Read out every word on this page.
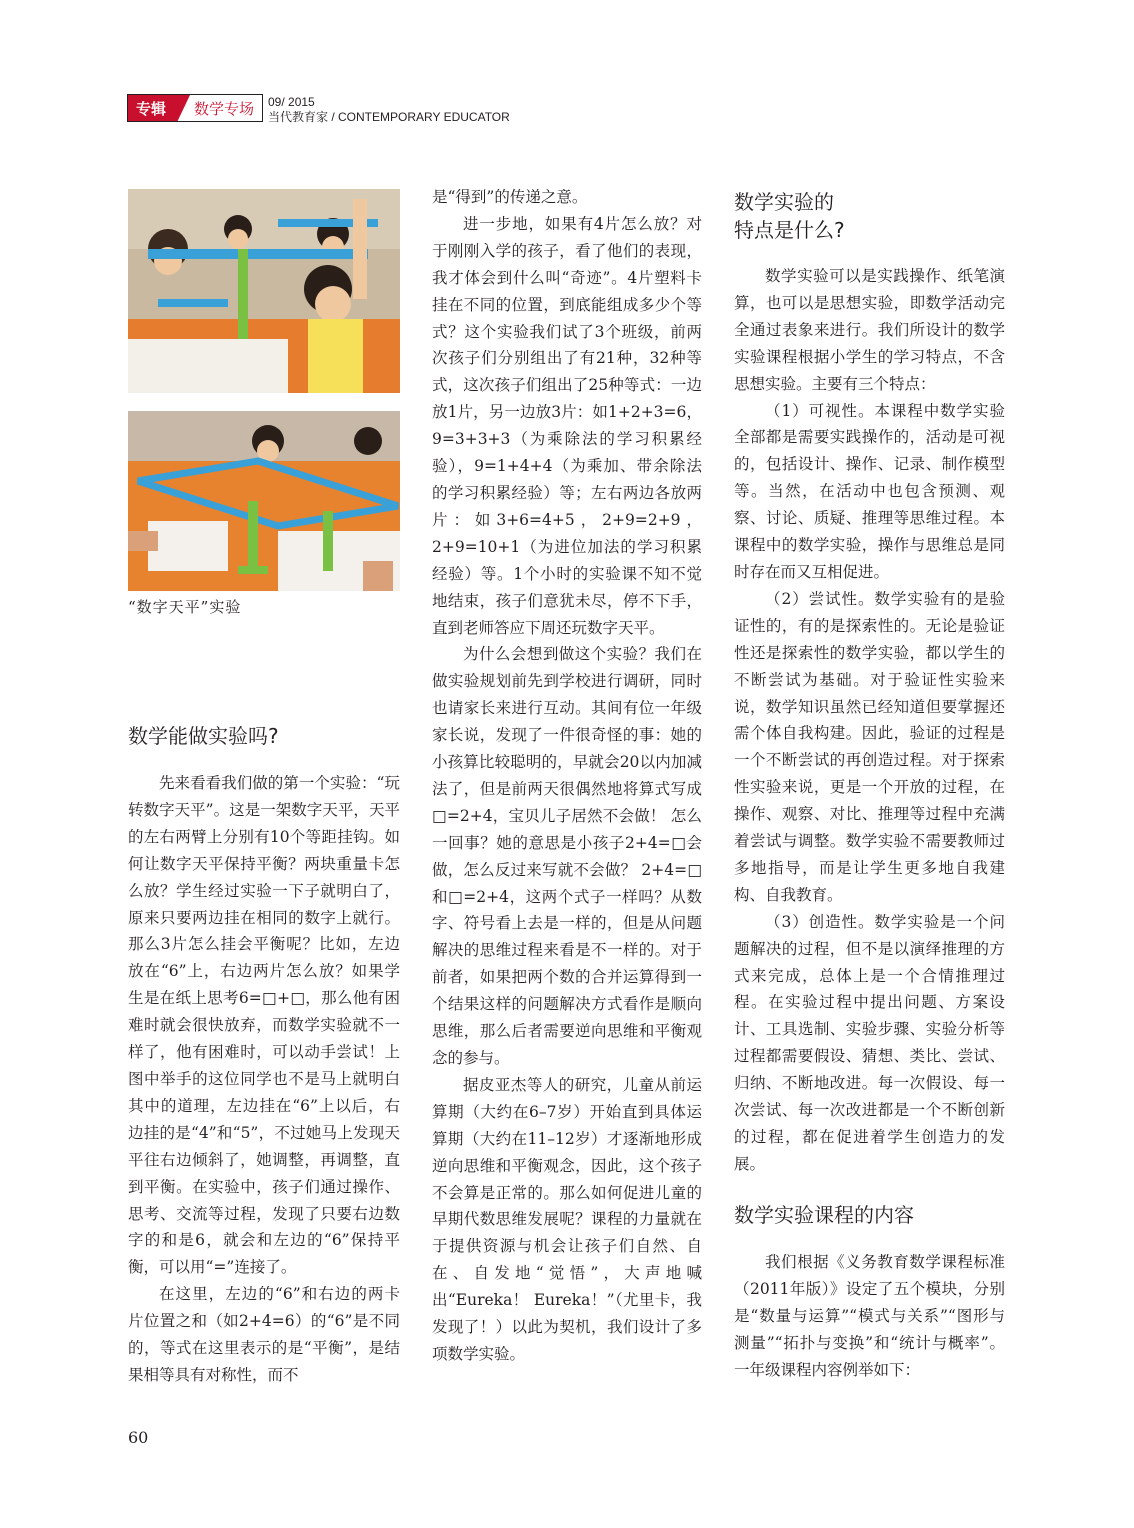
专辑 数学专场 09/ 2015
当代教育家 / CONTEMPORARY EDUCATOR
“数字天平”实验
数学能做实验吗?

先来看看我们做的第一个实验：“玩转数字天平”。这是一架数字天平，天平的左右两臂上分别有10个等距挂钩。如何让数字天平保持平衡？两块重量卡怎么放？学生经过实验一下子就明白了，原来只要两边挂在相同的数字上就行。那么3片怎么挂会平衡呢？比如，左边放在“6”上，右边两片怎么放？如果学生是在纸上思考6=□+□，那么他有困难时就会很快放弃，而数学实验就不一样了，他有困难时，可以动手尝试！上图中举手的这位同学也不是马上就明白其中的道理，左边挂在“6”上以后，右边挂的是“4”和“5”，不过她马上发现天平往右边倾斜了，她调整，再调整，直到平衡。在实验中，孩子们通过操作、思考、交流等过程，发现了只要右边数字的和是6，就会和左边的“6”保持平衡，可以用“=”连接了。

在这里，左边的“6”和右边的两卡片位置之和（如2+4=6）的“6”是不同的，等式在这里表示的是“平衡”，是结果相等具有对称性，而不

是“得到”的传递之意。

进一步地，如果有4片怎么放？对于刚刚入学的孩子，看了他们的表现，我才体会到什么叫“奇迹”。4片塑料卡挂在不同的位置，到底能组成多少个等式？这个实验我们试了3个班级，前两次孩子们分别组出了有21种，32种等式，这次孩子们组出了25种等式：一边放1片，另一边放3片：如1+2+3=6，9=3+3+3（为乘除法的学习积累经验），9=1+4+4（为乘加、带余除法的学习积累经验）等；左右两边各放两片：如3+6=4+5，2+9=2+9，2+9=10+1（为进位加法的学习积累经验）等。1个小时的实验课不知不觉地结束，孩子们意犹未尽，停不下手，直到老师答应下周还玩数字天平。

为什么会想到做这个实验？我们在做实验规划前先到学校进行调研，同时也请家长来进行互动。其间有位一年级家长说，发现了一件很奇怪的事：她的小孩算比较聪明的，早就会20以内加减法了，但是前两天很偶然地将算式写成□=2+4，宝贝儿子居然不会做！ 怎么一回事？她的意思是小孩子2+4=□会做，怎么反过来写就不会做？ 2+4=□和□=2+4，这两个式子一样吗？从数字、符号看上去是一样的，但是从问题解决的思维过程来看是不一样的。对于前者，如果把两个数的合并运算得到一个结果这样的问题解决方式看作是顺向思维，那么后者需要逆向思维和平衡观念的参与。

据皮亚杰等人的研究，儿童从前运算期（大约在6–7岁）开始直到具体运算期（大约在11–12岁）才逐渐地形成逆向思维和平衡观念，因此，这个孩子不会算是正常的。那么如何促进儿童的早期代数思维发展呢？课程的力量就在于提供资源与机会让孩子们自然、自在、自发地“觉悟”，大声地喊出“Eureka！ Eureka！”（尤里卡，我发现了！）以此为契机，我们设计了多项数学实验。

数学实验的
特点是什么?

数学实验可以是实践操作、纸笔演算，也可以是思想实验，即数学活动完全通过表象来进行。我们所设计的数学实验课程根据小学生的学习特点，不含思想实验。主要有三个特点：

（1）可视性。本课程中数学实验全部都是需要实践操作的，活动是可视的，包括设计、操作、记录、制作模型等。当然，在活动中也包含预测、观察、讨论、质疑、推理等思维过程。本课程中的数学实验，操作与思维总是同时存在而又互相促进。

（2）尝试性。数学实验有的是验证性的，有的是探索性的。无论是验证性还是探索性的数学实验，都以学生的不断尝试为基础。对于验证性实验来说，数学知识虽然已经知道但要掌握还需个体自我构建。因此，验证的过程是一个不断尝试的再创造过程。对于探索性实验来说，更是一个开放的过程，在操作、观察、对比、推理等过程中充满着尝试与调整。数学实验不需要教师过多地指导，而是让学生更多地自我建构、自我教育。

（3）创造性。数学实验是一个问题解决的过程，但不是以演绎推理的方式来完成，总体上是一个合情推理过程。在实验过程中提出问题、方案设计、工具选制、实验步骤、实验分析等过程都需要假设、猜想、类比、尝试、归纳、不断地改进。每一次假设、每一次尝试、每一次改进都是一个不断创新的过程，都在促进着学生创造力的发展。

数学实验课程的内容

我们根据《义务教育数学课程标准（2011年版）》设定了五个模块，分别是“数量与运算”“模式与关系”“图形与测量”“拓扑与变换”和“统计与概率”。一年级课程内容例举如下：

60
